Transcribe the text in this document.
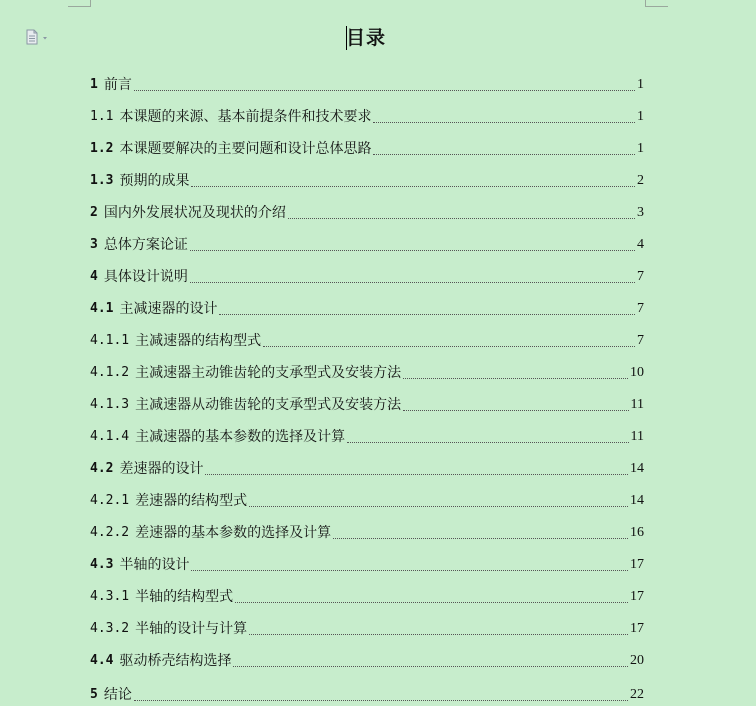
目录
1 前言	1
1.1 本课题的来源、基本前提条件和技术要求	1
1.2 本课题要解决的主要问题和设计总体思路	1
1.3 预期的成果	2
2 国内外发展状况及现状的介绍	3
3 总体方案论证	4
4 具体设计说明	7
4.1 主减速器的设计	7
4.1.1 主减速器的结构型式	7
4.1.2 主减速器主动锥齿轮的支承型式及安装方法	10
4.1.3 主减速器从动锥齿轮的支承型式及安装方法	11
4.1.4 主减速器的基本参数的选择及计算	11
4.2 差速器的设计	14
4.2.1 差速器的结构型式	14
4.2.2 差速器的基本参数的选择及计算	16
4.3 半轴的设计	17
4.3.1 半轴的结构型式	17
4.3.2 半轴的设计与计算	17
4.4 驱动桥壳结构选择	20
5 结论	22
